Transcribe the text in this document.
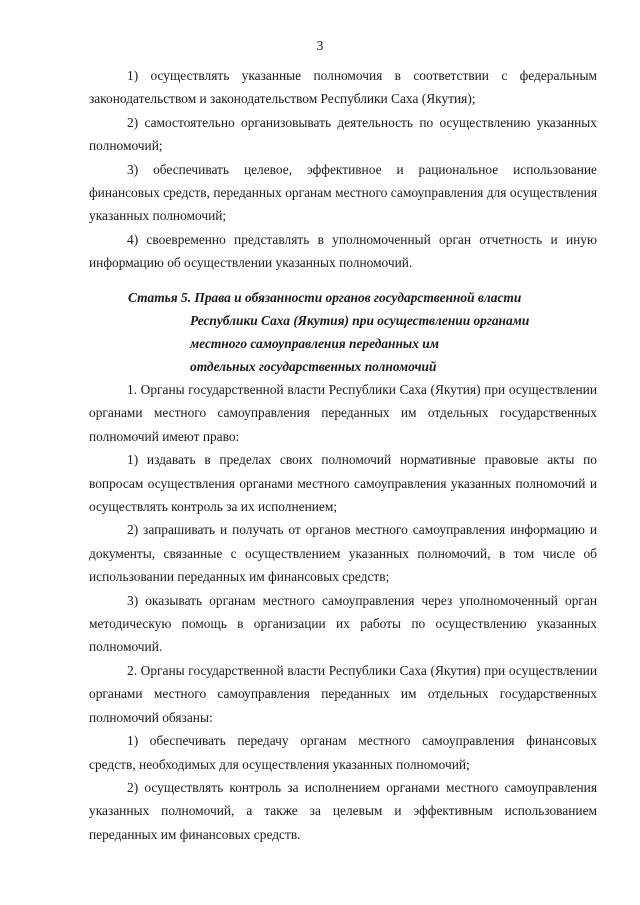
3

1) осуществлять указанные полномочия в соответствии с федеральным законодательством и законодательством Республики Саха (Якутия);

2) самостоятельно организовывать деятельность по осуществлению указанных полномочий;

3) обеспечивать целевое, эффективное и рациональное использование финансовых средств, переданных органам местного самоуправления для осуществления указанных полномочий;

4) своевременно представлять в уполномоченный орган отчетность и иную информацию об осуществлении указанных полномочий.

Статья 5. Права и обязанности органов государственной власти
Республики Саха (Якутия) при осуществлении органами
местного самоуправления переданных им
отдельных государственных полномочий

1. Органы государственной власти Республики Саха (Якутия) при осуществлении органами местного самоуправления переданных им отдельных государственных полномочий имеют право:

1) издавать в пределах своих полномочий нормативные правовые акты по вопросам осуществления органами местного самоуправления указанных полномочий и осуществлять контроль за их исполнением;

2) запрашивать и получать от органов местного самоуправления информацию и документы, связанные с осуществлением указанных полномочий, в том числе об использовании переданных им финансовых средств;

3) оказывать органам местного самоуправления через уполномоченный орган методическую помощь в организации их работы по осуществлению указанных полномочий.

2. Органы государственной власти Республики Саха (Якутия) при осуществлении органами местного самоуправления переданных им отдельных государственных полномочий обязаны:

1) обеспечивать передачу органам местного самоуправления финансовых средств, необходимых для осуществления указанных полномочий;

2) осуществлять контроль за исполнением органами местного самоуправления указанных полномочий, а также за целевым и эффективным использованием переданных им финансовых средств.
